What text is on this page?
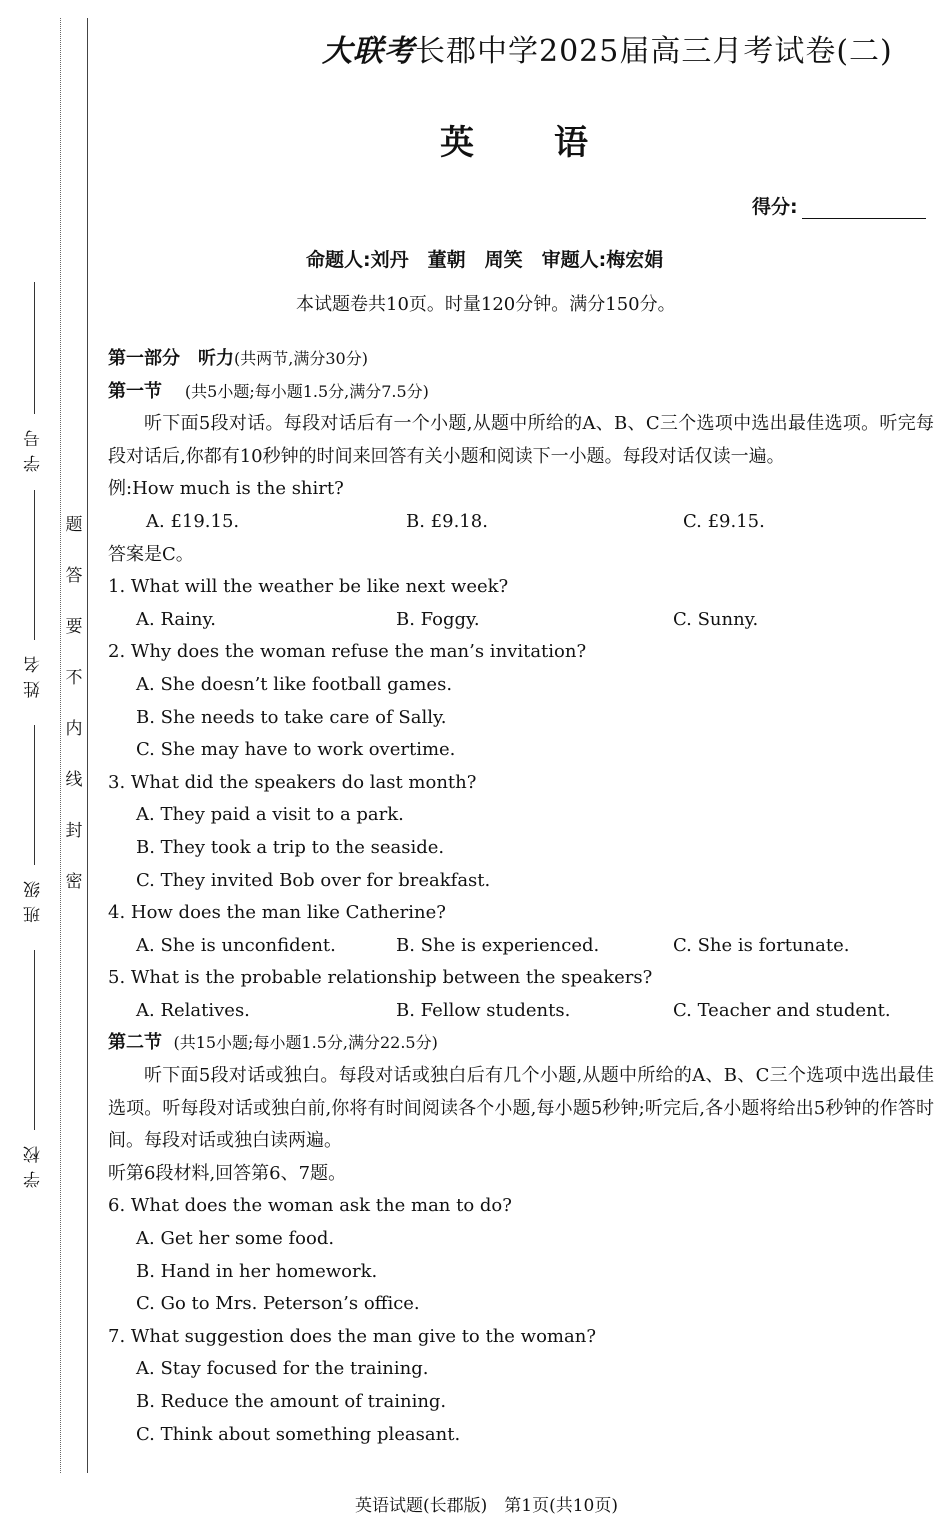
学号
姓名
班级
学校
题
答
要
不
内
线
封
密
大联考长郡中学2025届高三月考试卷(二)
英语
得分:
命题人:刘丹　董朝　周笑　审题人:梅宏娟
本试题卷共10页。时量120分钟。满分150分。
第一部分　听力(共两节,满分30分)
第一节 (共5小题;每小题1.5分,满分7.5分)

听下面5段对话。每段对话后有一个小题,从题中所给的A、B、C三个选项中选出最佳选项。听完每段对话后,你都有10秒钟的时间来回答有关小题和阅读下一小题。每段对话仅读一遍。

例:How much is the shirt?
A. £19.15.	B. £9.18.	C. £9.15.
答案是C。
1. What will the weather be like next week?
A. Rainy.	B. Foggy.	C. Sunny.
2. Why does the woman refuse the man’s invitation?
A. She doesn’t like football games.
B. She needs to take care of Sally.
C. She may have to work overtime.
3. What did the speakers do last month?
A. They paid a visit to a park.
B. They took a trip to the seaside.
C. They invited Bob over for breakfast.
4. How does the man like Catherine?
A. She is unconfident.	B. She is experienced.	C. She is fortunate.
5. What is the probable relationship between the speakers?
A. Relatives.	B. Fellow students.	C. Teacher and student.
第二节 (共15小题;每小题1.5分,满分22.5分)

听下面5段对话或独白。每段对话或独白后有几个小题,从题中所给的A、B、C三个选项中选出最佳选项。听每段对话或独白前,你将有时间阅读各个小题,每小题5秒钟;听完后,各小题将给出5秒钟的作答时间。每段对话或独白读两遍。

听第6段材料,回答第6、7题。
6. What does the woman ask the man to do?
A. Get her some food.
B. Hand in her homework.
C. Go to Mrs. Peterson’s office.
7. What suggestion does the man give to the woman?
A. Stay focused for the training.
B. Reduce the amount of training.
C. Think about something pleasant.
英语试题(长郡版)　第1页(共10页)
